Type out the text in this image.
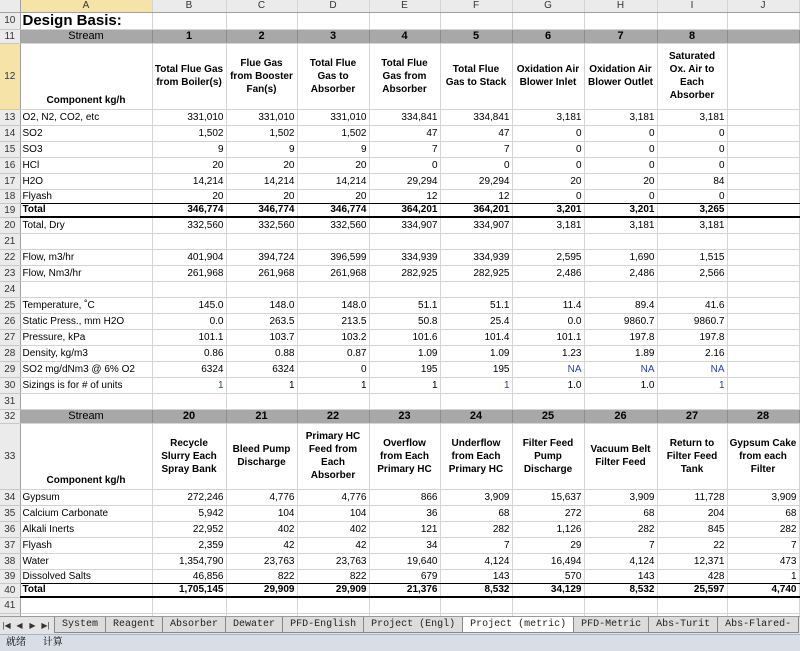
	A	B	C	D	E	F	G	H	I	J
10	Design Basis:									
11	Stream	1	2	3	4	5	6	7	8	
12	Component kg/h	Total Flue Gas from Boiler(s)	Flue Gas from Booster Fan(s)	Total Flue Gas to Absorber	Total Flue Gas from Absorber	Total Flue Gas to Stack	Oxidation Air Blower Inlet	Oxidation Air Blower Outlet	Saturated Ox. Air to Each Absorber	
13	O2, N2, CO2, etc	331,010	331,010	331,010	334,841	334,841	3,181	3,181	3,181	
14	SO2	1,502	1,502	1,502	47	47	0	0	0	
15	SO3	9	9	9	7	7	0	0	0	
16	HCl	20	20	20	0	0	0	0	0	
17	H2O	14,214	14,214	14,214	29,294	29,294	20	20	84	
18	Flyash	20	20	20	12	12	0	0	0	
19	Total	346,774	346,774	346,774	364,201	364,201	3,201	3,201	3,265	
20	Total, Dry	332,560	332,560	332,560	334,907	334,907	3,181	3,181	3,181	
21										
22	Flow, m3/hr	401,904	394,724	396,599	334,939	334,939	2,595	1,690	1,515	
23	Flow, Nm3/hr	261,968	261,968	261,968	282,925	282,925	2,486	2,486	2,566	
24										
25	Temperature, ˚C	145.0	148.0	148.0	51.1	51.1	11.4	89.4	41.6	
26	Static Press., mm H2O	0.0	263.5	213.5	50.8	25.4	0.0	9860.7	9860.7	
27	Pressure, kPa	101.1	103.7	103.2	101.6	101.4	101.1	197.8	197.8	
28	Density, kg/m3	0.86	0.88	0.87	1.09	1.09	1.23	1.89	2.16	
29	SO2 mg/dNm3 @ 6% O2	6324	6324	0	195	195	NA	NA	NA	
30	Sizings is for # of units	1	1	1	1	1	1.0	1.0	1	
31										
32	Stream	20	21	22	23	24	25	26	27	28
33	Component kg/h	Recycle Slurry Each Spray Bank	Bleed Pump Discharge	Primary HC Feed from Each Absorber	Overflow from Each Primary HC	Underflow from Each Primary HC	Filter Feed Pump Discharge	Vacuum Belt Filter Feed	Return to Filter Feed Tank	Gypsum Cake from each Filter
34	Gypsum	272,246	4,776	4,776	866	3,909	15,637	3,909	11,728	3,909
35	Calcium Carbonate	5,942	104	104	36	68	272	68	204	68
36	Alkali Inerts	22,952	402	402	121	282	1,126	282	845	282
37	Flyash	2,359	42	42	34	7	29	7	22	7
38	Water	1,354,790	23,763	23,763	19,640	4,124	16,494	4,124	12,371	473
39	Dissolved Salts	46,856	822	822	679	143	570	143	428	1
40	Total	1,705,145	29,909	29,909	21,376	8,532	34,129	8,532	25,597	4,740
41										

|◀ ◀ ▶ ▶|	System	Reagent	Absorber	Dewater	PFD-English	Project (Engl)	Project (metric)	PFD-Metric	Abs-Turit	Abs-Flared-
就绪 计算
